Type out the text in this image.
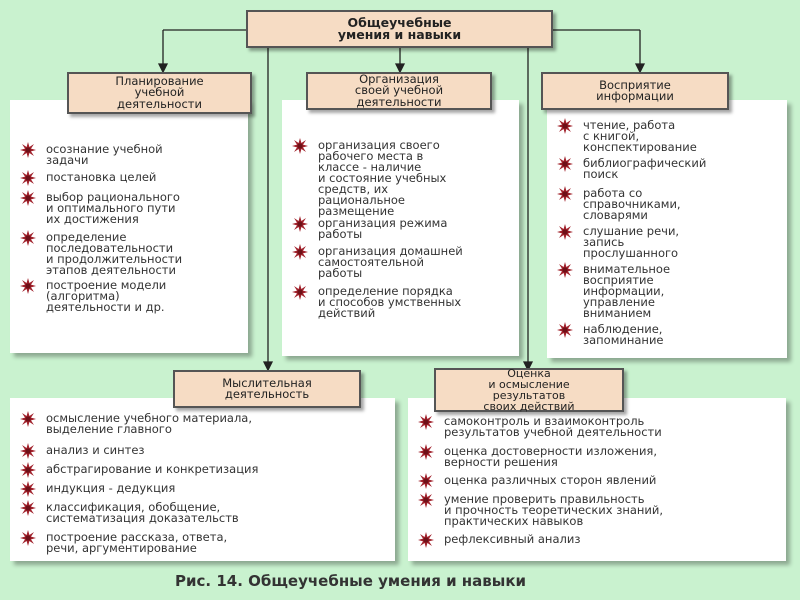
Общеучебные
умения и навыки
осознание учебной
задачи
постановка целей
выбор рационального
и оптимального пути
их достижения
определение
последовательности
и продолжительности
этапов деятельности
построение модели
(алгоритма)
деятельности и др.
Планирование
учебной
деятельности
организация своего
рабочего места в
классе - наличие
и состояние учебных
средств, их
рациональное
размещение
организация режима
работы
организация домашней
самостоятельной
работы
определение порядка
и способов умственных
действий
Организация
своей учебной
деятельности
чтение, работа
с книгой,
конспектирование
библиографический
поиск
работа со
справочниками,
словарями
слушание речи,
запись
прослушанного
внимательное
восприятие
информации,
управление
вниманием
наблюдение,
запоминание
Восприятие
информации
осмысление учебного материала,
выделение главного
анализ и синтез
абстрагирование и конкретизация
индукция - дедукция
классификация, обобщение,
систематизация доказательств
построение рассказа, ответа,
речи, аргументирование
Мыслительная
деятельность
самоконтроль и взаимоконтроль
результатов учебной деятельности
оценка достоверности изложения,
верности решения
оценка различных сторон явлений
умение проверить правильность
и прочность теоретических знаний,
практических навыков
рефлексивный анализ
Оценка
и осмысление
результатов
своих действий
Рис. 14. Общеучебные умения и навыки
